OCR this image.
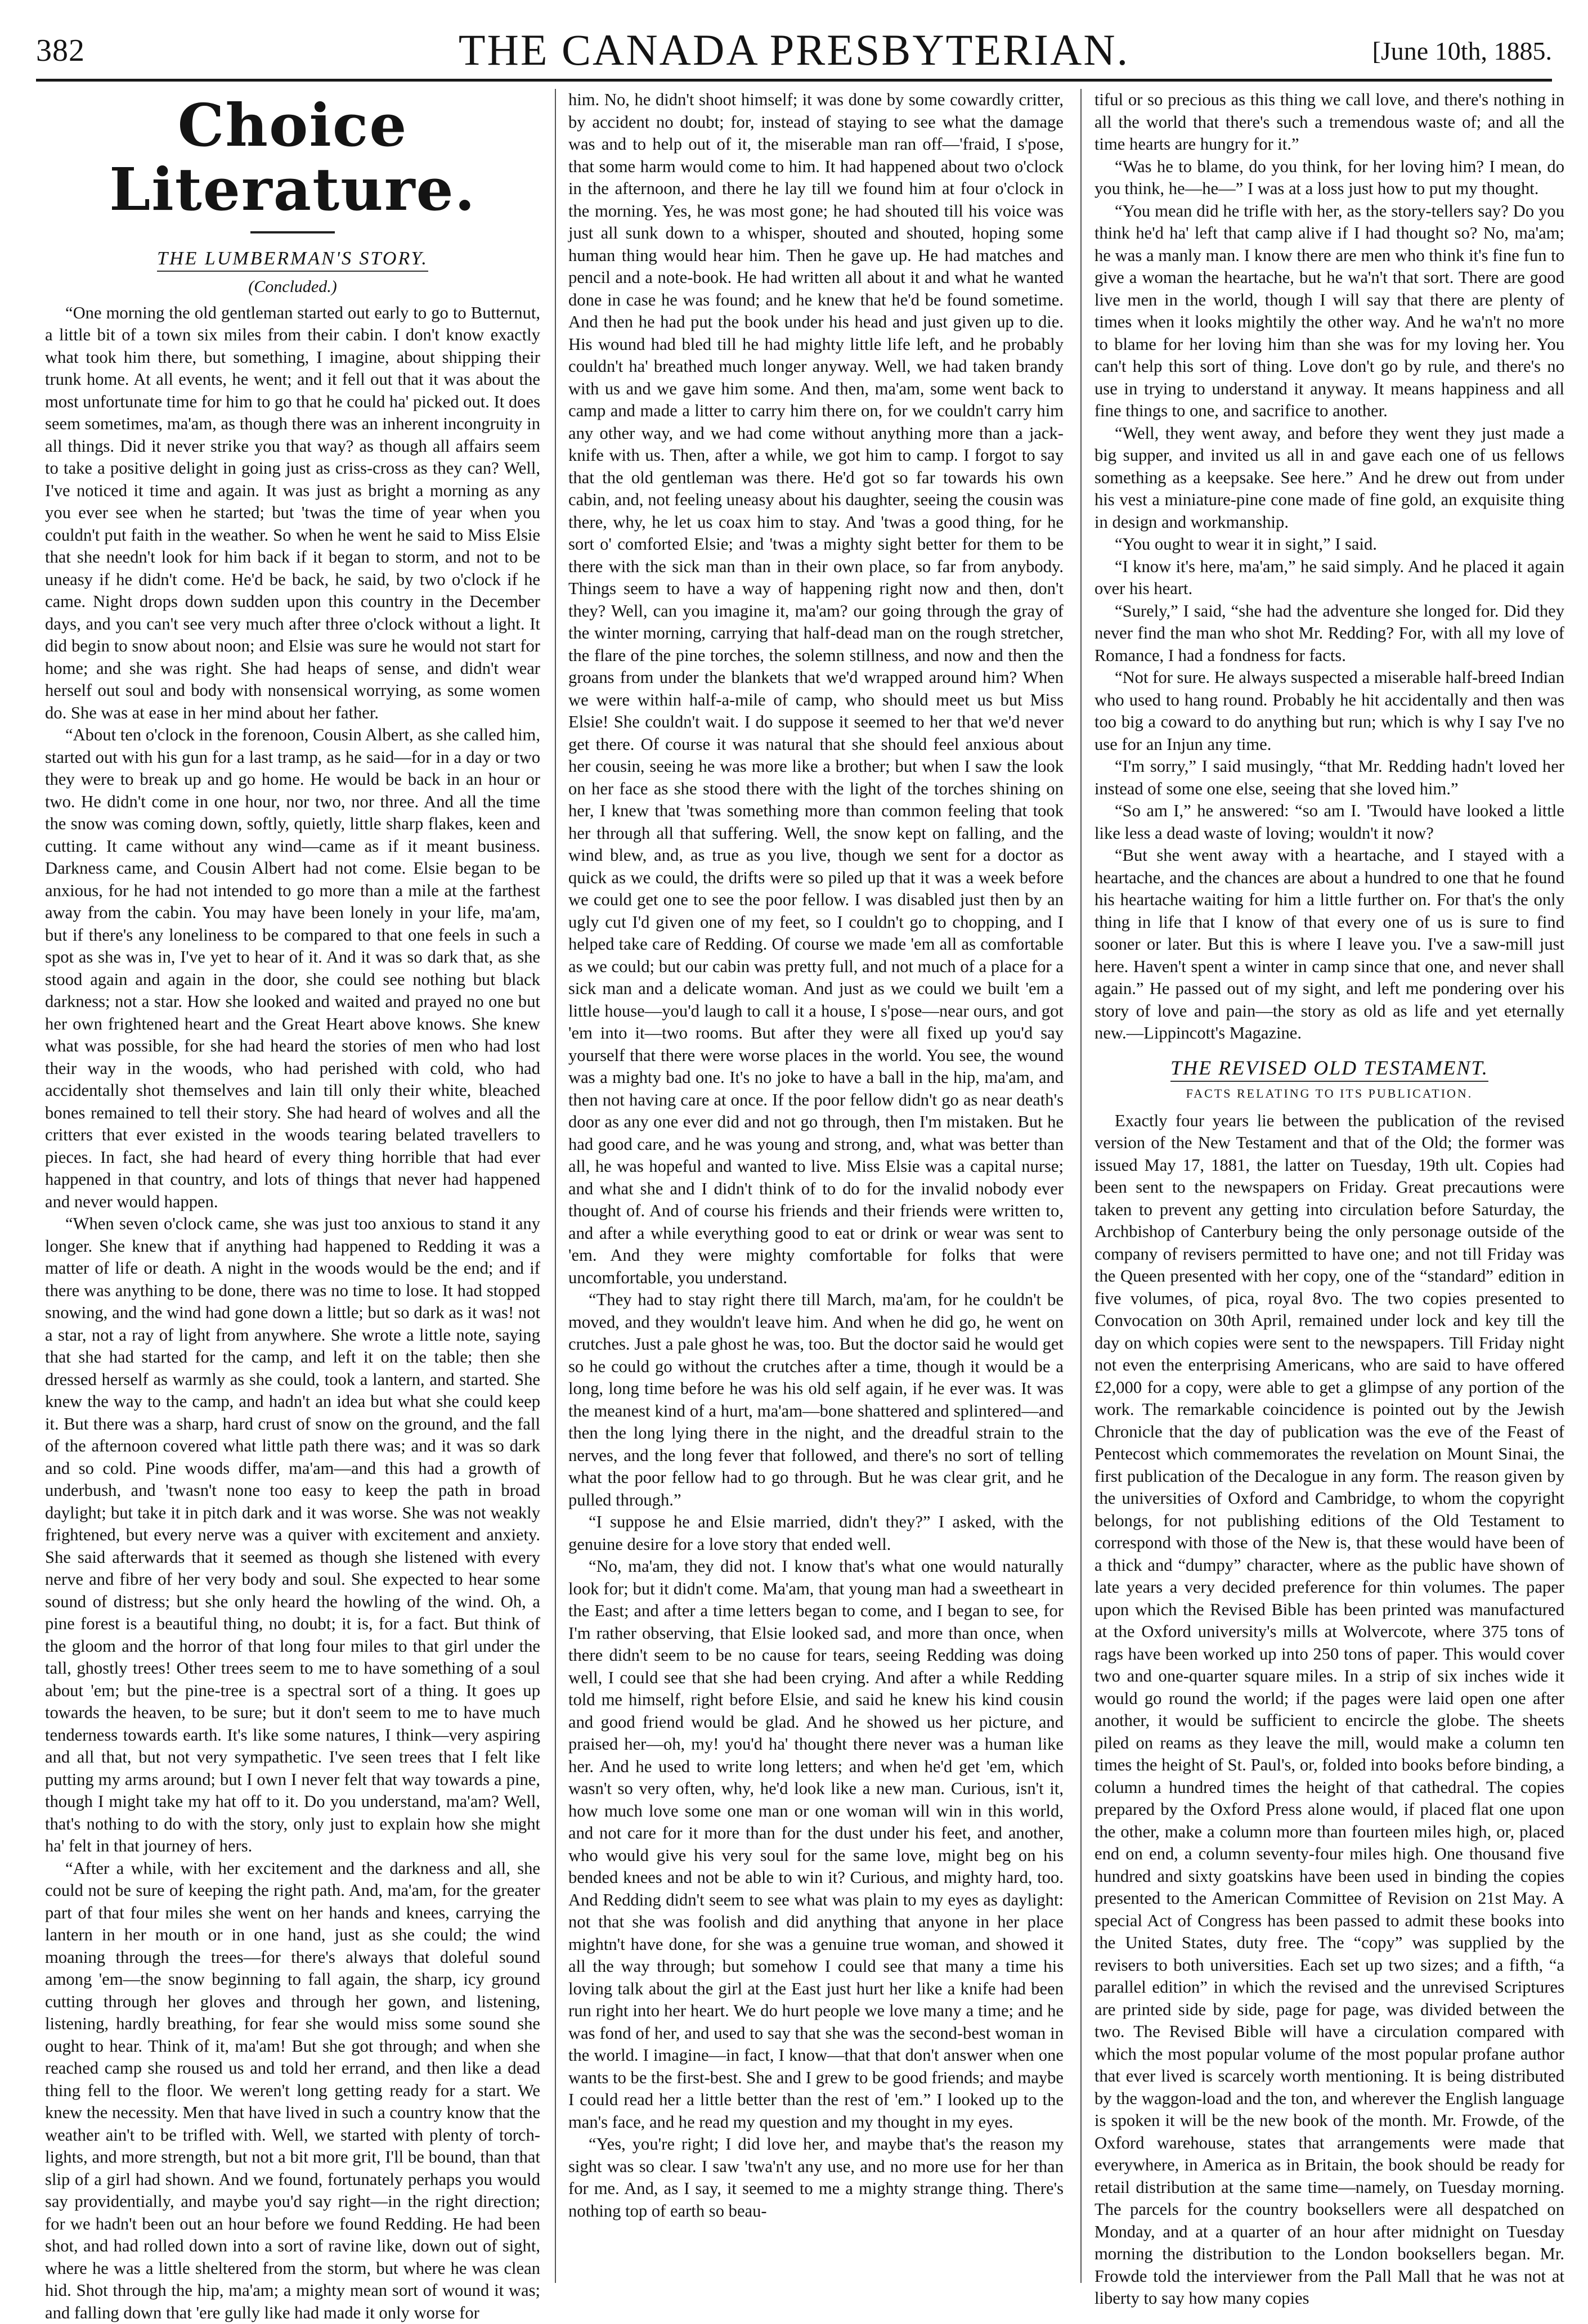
382	THE CANADA PRESBYTERIAN.	[June 10th, 1885.
Choice Literature.
THE LUMBERMAN'S STORY.
(Concluded.)

“One morning the old gentleman started out early to go to Butternut, a little bit of a town six miles from their cabin. I don't know exactly what took him there, but something, I imagine, about shipping their trunk home. At all events, he went; and it fell out that it was about the most unfortunate time for him to go that he could ha' picked out. It does seem sometimes, ma'am, as though there was an inherent incongruity in all things. Did it never strike you that way? as though all affairs seem to take a positive delight in going just as criss-cross as they can? Well, I've noticed it time and again. It was just as bright a morning as any you ever see when he started; but 'twas the time of year when you couldn't put faith in the weather. So when he went he said to Miss Elsie that she needn't look for him back if it began to storm, and not to be uneasy if he didn't come. He'd be back, he said, by two o'clock if he came. Night drops down sudden upon this country in the December days, and you can't see very much after three o'clock without a light. It did begin to snow about noon; and Elsie was sure he would not start for home; and she was right. She had heaps of sense, and didn't wear herself out soul and body with nonsensical worrying, as some women do. She was at ease in her mind about her father.

“About ten o'clock in the forenoon, Cousin Albert, as she called him, started out with his gun for a last tramp, as he said—for in a day or two they were to break up and go home. He would be back in an hour or two. He didn't come in one hour, nor two, nor three. And all the time the snow was coming down, softly, quietly, little sharp flakes, keen and cutting. It came without any wind—came as if it meant business. Darkness came, and Cousin Albert had not come. Elsie began to be anxious, for he had not intended to go more than a mile at the farthest away from the cabin. You may have been lonely in your life, ma'am, but if there's any loneliness to be compared to that one feels in such a spot as she was in, I've yet to hear of it. And it was so dark that, as she stood again and again in the door, she could see nothing but black darkness; not a star. How she looked and waited and prayed no one but her own frightened heart and the Great Heart above knows. She knew what was possible, for she had heard the stories of men who had lost their way in the woods, who had perished with cold, who had accidentally shot themselves and lain till only their white, bleached bones remained to tell their story. She had heard of wolves and all the critters that ever existed in the woods tearing belated travellers to pieces. In fact, she had heard of every thing horrible that had ever happened in that country, and lots of things that never had happened and never would happen.

“When seven o'clock came, she was just too anxious to stand it any longer. She knew that if anything had happened to Redding it was a matter of life or death. A night in the woods would be the end; and if there was anything to be done, there was no time to lose. It had stopped snowing, and the wind had gone down a little; but so dark as it was! not a star, not a ray of light from anywhere. She wrote a little note, saying that she had started for the camp, and left it on the table; then she dressed herself as warmly as she could, took a lantern, and started. She knew the way to the camp, and hadn't an idea but what she could keep it. But there was a sharp, hard crust of snow on the ground, and the fall of the afternoon covered what little path there was; and it was so dark and so cold. Pine woods differ, ma'am—and this had a growth of underbush, and 'twasn't none too easy to keep the path in broad daylight; but take it in pitch dark and it was worse. She was not weakly frightened, but every nerve was a quiver with excitement and anxiety. She said afterwards that it seemed as though she listened with every nerve and fibre of her very body and soul. She expected to hear some sound of distress; but she only heard the howling of the wind. Oh, a pine forest is a beautiful thing, no doubt; it is, for a fact. But think of the gloom and the horror of that long four miles to that girl under the tall, ghostly trees! Other trees seem to me to have something of a soul about 'em; but the pine-tree is a spectral sort of a thing. It goes up towards the heaven, to be sure; but it don't seem to me to have much tenderness towards earth. It's like some natures, I think—very aspiring and all that, but not very sympathetic. I've seen trees that I felt like putting my arms around; but I own I never felt that way towards a pine, though I might take my hat off to it. Do you understand, ma'am? Well, that's nothing to do with the story, only just to explain how she might ha' felt in that journey of hers.

“After a while, with her excitement and the darkness and all, she could not be sure of keeping the right path. And, ma'am, for the greater part of that four miles she went on her hands and knees, carrying the lantern in her mouth or in one hand, just as she could; the wind moaning through the trees—for there's always that doleful sound among 'em—the snow beginning to fall again, the sharp, icy ground cutting through her gloves and through her gown, and listening, listening, hardly breathing, for fear she would miss some sound she ought to hear. Think of it, ma'am! But she got through; and when she reached camp she roused us and told her errand, and then like a dead thing fell to the floor. We weren't long getting ready for a start. We knew the necessity. Men that have lived in such a country know that the weather ain't to be trifled with. Well, we started with plenty of torch-lights, and more strength, but not a bit more grit, I'll be bound, than that slip of a girl had shown. And we found, fortunately perhaps you would say providentially, and maybe you'd say right—in the right direction; for we hadn't been out an hour before we found Redding. He had been shot, and had rolled down into a sort of ravine like, down out of sight, where he was a little sheltered from the storm, but where he was clean hid. Shot through the hip, ma'am; a mighty mean sort of wound it was; and falling down that 'ere gully like had made it only worse for

him. No, he didn't shoot himself; it was done by some cowardly critter, by accident no doubt; for, instead of staying to see what the damage was and to help out of it, the miserable man ran off—'fraid, I s'pose, that some harm would come to him. It had happened about two o'clock in the afternoon, and there he lay till we found him at four o'clock in the morning. Yes, he was most gone; he had shouted till his voice was just all sunk down to a whisper, shouted and shouted, hoping some human thing would hear him. Then he gave up. He had matches and pencil and a note-book. He had written all about it and what he wanted done in case he was found; and he knew that he'd be found sometime. And then he had put the book under his head and just given up to die. His wound had bled till he had mighty little life left, and he probably couldn't ha' breathed much longer anyway. Well, we had taken brandy with us and we gave him some. And then, ma'am, some went back to camp and made a litter to carry him there on, for we couldn't carry him any other way, and we had come without anything more than a jack-knife with us. Then, after a while, we got him to camp. I forgot to say that the old gentleman was there. He'd got so far towards his own cabin, and, not feeling uneasy about his daughter, seeing the cousin was there, why, he let us coax him to stay. And 'twas a good thing, for he sort o' comforted Elsie; and 'twas a mighty sight better for them to be there with the sick man than in their own place, so far from anybody. Things seem to have a way of happening right now and then, don't they? Well, can you imagine it, ma'am? our going through the gray of the winter morning, carrying that half-dead man on the rough stretcher, the flare of the pine torches, the solemn stillness, and now and then the groans from under the blankets that we'd wrapped around him? When we were within half-a-mile of camp, who should meet us but Miss Elsie! She couldn't wait. I do suppose it seemed to her that we'd never get there. Of course it was natural that she should feel anxious about her cousin, seeing he was more like a brother; but when I saw the look on her face as she stood there with the light of the torches shining on her, I knew that 'twas something more than common feeling that took her through all that suffering. Well, the snow kept on falling, and the wind blew, and, as true as you live, though we sent for a doctor as quick as we could, the drifts were so piled up that it was a week before we could get one to see the poor fellow. I was disabled just then by an ugly cut I'd given one of my feet, so I couldn't go to chopping, and I helped take care of Redding. Of course we made 'em all as comfortable as we could; but our cabin was pretty full, and not much of a place for a sick man and a delicate woman. And just as we could we built 'em a little house—you'd laugh to call it a house, I s'pose—near ours, and got 'em into it—two rooms. But after they were all fixed up you'd say yourself that there were worse places in the world. You see, the wound was a mighty bad one. It's no joke to have a ball in the hip, ma'am, and then not having care at once. If the poor fellow didn't go as near death's door as any one ever did and not go through, then I'm mistaken. But he had good care, and he was young and strong, and, what was better than all, he was hopeful and wanted to live. Miss Elsie was a capital nurse; and what she and I didn't think of to do for the invalid nobody ever thought of. And of course his friends and their friends were written to, and after a while everything good to eat or drink or wear was sent to 'em. And they were mighty comfortable for folks that were uncomfortable, you understand.

“They had to stay right there till March, ma'am, for he couldn't be moved, and they wouldn't leave him. And when he did go, he went on crutches. Just a pale ghost he was, too. But the doctor said he would get so he could go without the crutches after a time, though it would be a long, long time before he was his old self again, if he ever was. It was the meanest kind of a hurt, ma'am—bone shattered and splintered—and then the long lying there in the night, and the dreadful strain to the nerves, and the long fever that followed, and there's no sort of telling what the poor fellow had to go through. But he was clear grit, and he pulled through.”

“I suppose he and Elsie married, didn't they?” I asked, with the genuine desire for a love story that ended well.

“No, ma'am, they did not. I know that's what one would naturally look for; but it didn't come. Ma'am, that young man had a sweetheart in the East; and after a time letters began to come, and I began to see, for I'm rather observing, that Elsie looked sad, and more than once, when there didn't seem to be no cause for tears, seeing Redding was doing well, I could see that she had been crying. And after a while Redding told me himself, right before Elsie, and said he knew his kind cousin and good friend would be glad. And he showed us her picture, and praised her—oh, my! you'd ha' thought there never was a human like her. And he used to write long letters; and when he'd get 'em, which wasn't so very often, why, he'd look like a new man. Curious, isn't it, how much love some one man or one woman will win in this world, and not care for it more than for the dust under his feet, and another, who would give his very soul for the same love, might beg on his bended knees and not be able to win it? Curious, and mighty hard, too. And Redding didn't seem to see what was plain to my eyes as daylight: not that she was foolish and did anything that anyone in her place mightn't have done, for she was a genuine true woman, and showed it all the way through; but somehow I could see that many a time his loving talk about the girl at the East just hurt her like a knife had been run right into her heart. We do hurt people we love many a time; and he was fond of her, and used to say that she was the second-best woman in the world. I imagine—in fact, I know—that that don't answer when one wants to be the first-best. She and I grew to be good friends; and maybe I could read her a little better than the rest of 'em.” I looked up to the man's face, and he read my question and my thought in my eyes.

“Yes, you're right; I did love her, and maybe that's the reason my sight was so clear. I saw 'twa'n't any use, and no more use for her than for me. And, as I say, it seemed to me a mighty strange thing. There's nothing top of earth so beau-

tiful or so precious as this thing we call love, and there's nothing in all the world that there's such a tremendous waste of; and all the time hearts are hungry for it.”

“Was he to blame, do you think, for her loving him? I mean, do you think, he—he—” I was at a loss just how to put my thought.

“You mean did he trifle with her, as the story-tellers say? Do you think he'd ha' left that camp alive if I had thought so? No, ma'am; he was a manly man. I know there are men who think it's fine fun to give a woman the heartache, but he wa'n't that sort. There are good live men in the world, though I will say that there are plenty of times when it looks mightily the other way. And he wa'n't no more to blame for her loving him than she was for my loving her. You can't help this sort of thing. Love don't go by rule, and there's no use in trying to understand it anyway. It means happiness and all fine things to one, and sacrifice to another.

“Well, they went away, and before they went they just made a big supper, and invited us all in and gave each one of us fellows something as a keepsake. See here.” And he drew out from under his vest a miniature-pine cone made of fine gold, an exquisite thing in design and workmanship.

“You ought to wear it in sight,” I said.

“I know it's here, ma'am,” he said simply. And he placed it again over his heart.

“Surely,” I said, “she had the adventure she longed for. Did they never find the man who shot Mr. Redding? For, with all my love of Romance, I had a fondness for facts.

“Not for sure. He always suspected a miserable half-breed Indian who used to hang round. Probably he hit accidentally and then was too big a coward to do anything but run; which is why I say I've no use for an Injun any time.

“I'm sorry,” I said musingly, “that Mr. Redding hadn't loved her instead of some one else, seeing that she loved him.”

“So am I,” he answered: “so am I. 'Twould have looked a little like less a dead waste of loving; wouldn't it now?

“But she went away with a heartache, and I stayed with a heartache, and the chances are about a hundred to one that he found his heartache waiting for him a little further on. For that's the only thing in life that I know of that every one of us is sure to find sooner or later. But this is where I leave you. I've a saw-mill just here. Haven't spent a winter in camp since that one, and never shall again.” He passed out of my sight, and left me pondering over his story of love and pain—the story as old as life and yet eternally new.—Lippincott's Magazine.

THE REVISED OLD TESTAMENT.
FACTS RELATING TO ITS PUBLICATION.

Exactly four years lie between the publication of the revised version of the New Testament and that of the Old; the former was issued May 17, 1881, the latter on Tuesday, 19th ult. Copies had been sent to the newspapers on Friday. Great precautions were taken to prevent any getting into circulation before Saturday, the Archbishop of Canterbury being the only personage outside of the company of revisers permitted to have one; and not till Friday was the Queen presented with her copy, one of the “standard” edition in five volumes, of pica, royal 8vo. The two copies presented to Convocation on 30th April, remained under lock and key till the day on which copies were sent to the newspapers. Till Friday night not even the enterprising Americans, who are said to have offered £2,000 for a copy, were able to get a glimpse of any portion of the work. The remarkable coincidence is pointed out by the Jewish Chronicle that the day of publication was the eve of the Feast of Pentecost which commemorates the revelation on Mount Sinai, the first publication of the Decalogue in any form. The reason given by the universities of Oxford and Cambridge, to whom the copyright belongs, for not publishing editions of the Old Testament to correspond with those of the New is, that these would have been of a thick and “dumpy” character, where as the public have shown of late years a very decided preference for thin volumes. The paper upon which the Revised Bible has been printed was manufactured at the Oxford university's mills at Wolvercote, where 375 tons of rags have been worked up into 250 tons of paper. This would cover two and one-quarter square miles. In a strip of six inches wide it would go round the world; if the pages were laid open one after another, it would be sufficient to encircle the globe. The sheets piled on reams as they leave the mill, would make a column ten times the height of St. Paul's, or, folded into books before binding, a column a hundred times the height of that cathedral. The copies prepared by the Oxford Press alone would, if placed flat one upon the other, make a column more than fourteen miles high, or, placed end on end, a column seventy-four miles high. One thousand five hundred and sixty goatskins have been used in binding the copies presented to the American Committee of Revision on 21st May. A special Act of Congress has been passed to admit these books into the United States, duty free. The “copy” was supplied by the revisers to both universities. Each set up two sizes; and a fifth, “a parallel edition” in which the revised and the unrevised Scriptures are printed side by side, page for page, was divided between the two. The Revised Bible will have a circulation compared with which the most popular volume of the most popular profane author that ever lived is scarcely worth mentioning. It is being distributed by the waggon-load and the ton, and wherever the English language is spoken it will be the new book of the month. Mr. Frowde, of the Oxford warehouse, states that arrangements were made that everywhere, in America as in Britain, the book should be ready for retail distribution at the same time—namely, on Tuesday morning. The parcels for the country booksellers were all despatched on Monday, and at a quarter of an hour after midnight on Tuesday morning the distribution to the London booksellers began. Mr. Frowde told the interviewer from the Pall Mall that he was not at liberty to say how many copies
